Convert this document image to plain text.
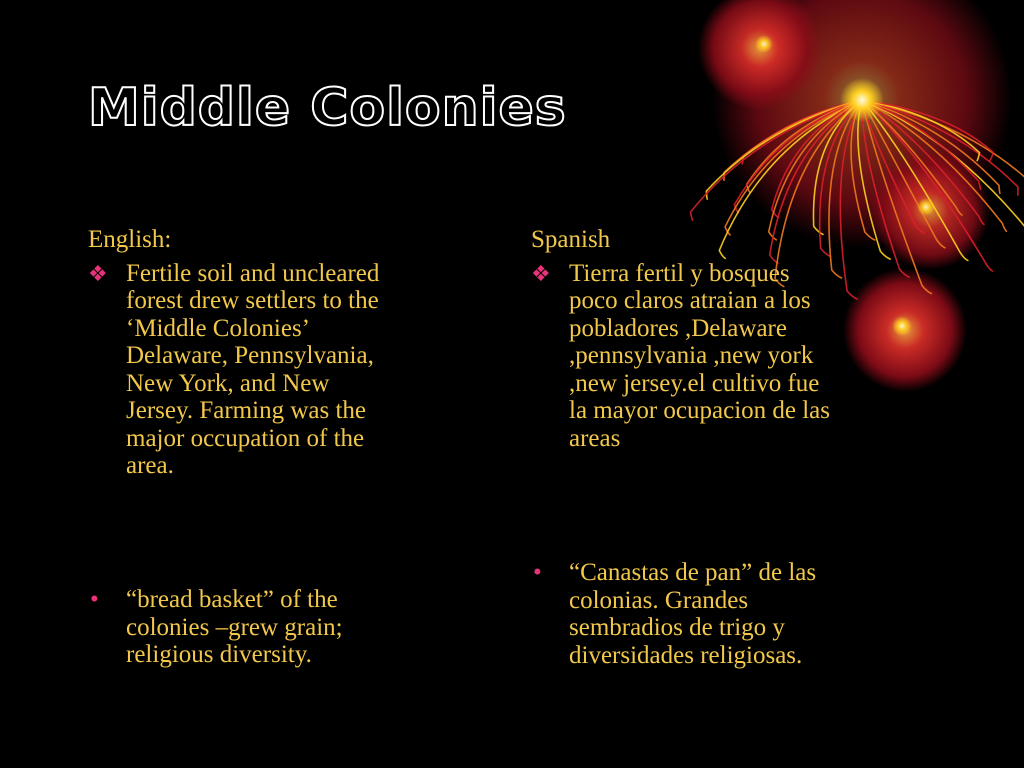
Middle Colonies

English:

❖ Fertile soil and uncleared
forest drew settlers to the
‘Middle Colonies’
Delaware, Pennsylvania,
New York, and New
Jersey. Farming was the
major occupation of the
area.
•	“bread basket” of the
colonies –grew grain;
religious diversity.

Spanish

❖ Tierra fertil y bosques
poco claros atraian a los
pobladores ,Delaware
,pennsylvania ,new york
,new jersey.el cultivo fue
la mayor ocupacion de las
areas
•	“Canastas de pan” de las
colonias. Grandes
sembradios de trigo y
diversidades religiosas.
